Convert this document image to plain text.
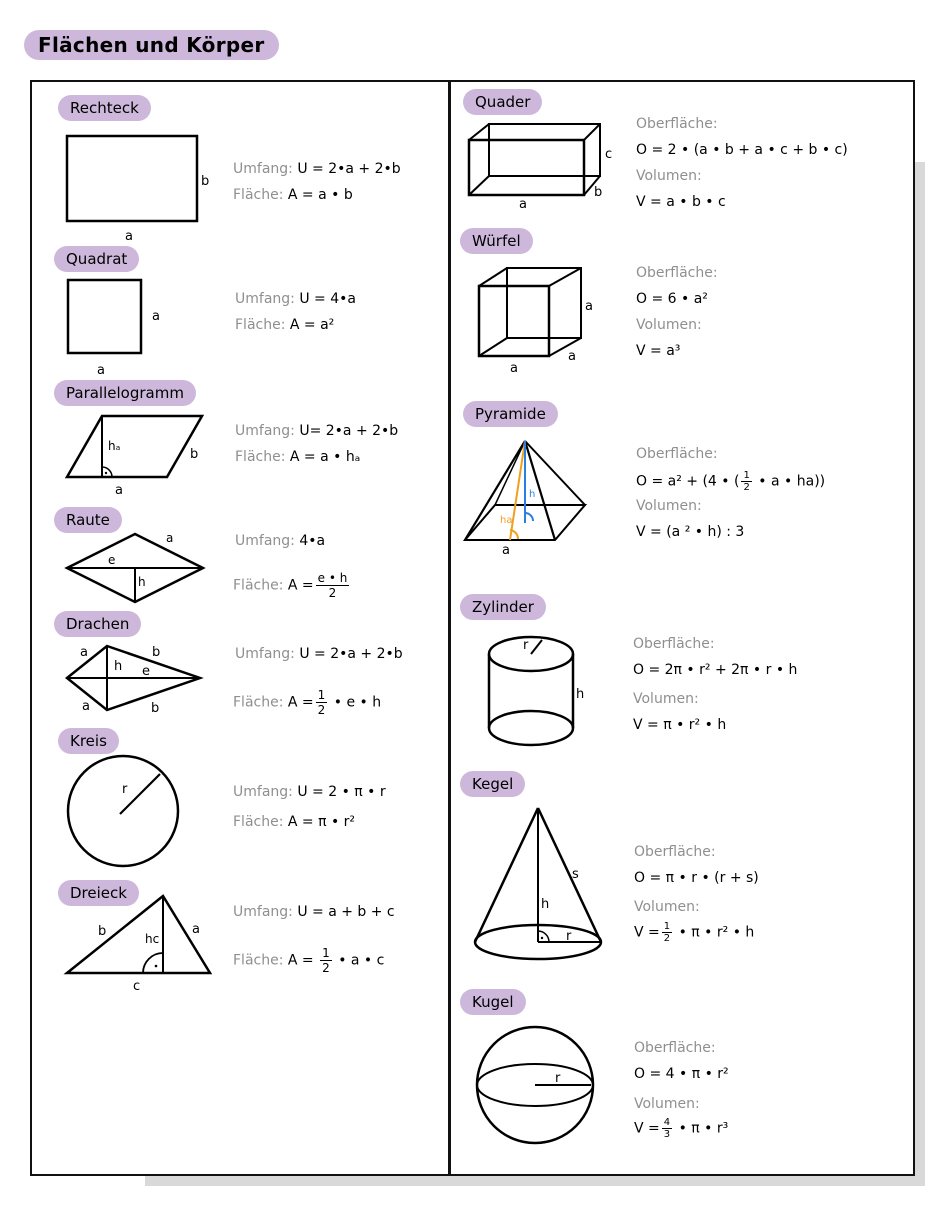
Flächen und Körper
Rechteck
b
a
Umfang: U = 2•a + 2•b
Fläche: A = a • b
Quadrat
a
a
Umfang: U = 4•a
Fläche: A = a²
Parallelogramm
hₐ
b
a
Umfang: U= 2•a + 2•b
Fläche: A = a • hₐ
Raute
e
h
a	Umfang: 4•a
Fläche: $A = \frac{e • h}{2}$
Drachen
a	b
h e
a	b
Umfang: U = 2•a + 2•b
Fläche: $A = \frac{1}{2}$ • e • h
Kreis
r	Umfang: U = 2 • π • r
Fläche: A = π • r²
Dreieck
b	hc
a
c
Umfang: U = a + b + c
Fläche: $A = \frac{1}{2}$ • a • c
Quader
c
b
a
Oberfläche:
O = 2 • (a • b + a • c + b • c)
Volumen:
V = a • b • c
Würfel
a
a
a
Oberfläche:
O = 6 • a²
Volumen:
V = a³
Pyramide
h
ha
a
Oberfläche:
O = a² + (4 • ( $\frac{1}{2}$ • a • ha))
Volumen:
V = (a ² • h) : 3
Zylinder
r
h
Oberfläche:
O = 2π • r² + 2π • r • h
Volumen:
V = π • r² • h
Kegel
h
r
s
Oberfläche:
O = π • r • (r + s)
Volumen:
$V = \frac{1}{2}$ • π • r² • h
Kugel
r
Oberfläche:
O = 4 • π • r²
Volumen:
$V = \frac{4}{3}$ • π • r³
